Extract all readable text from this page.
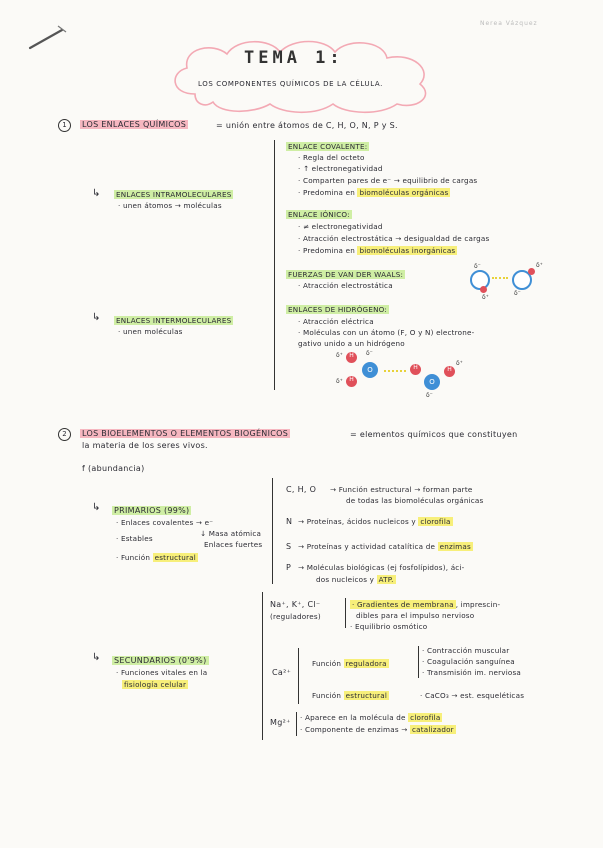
Nerea Vázquez
TEMA 1:
LOS COMPONENTES QUÍMICOS DE LA CÉLULA.
1	LOS ENLACES QUÍMICOS	= unión entre átomos de C, H, O, N, P y S.
↳ ENLACES INTRAMOLECULARES
· unen átomos → moléculas
ENLACE COVALENTE:
· Regla del octeto
· ↑ electronegatividad
· Comparten pares de e⁻ → equilibrio de cargas
· Predomina en biomoléculas orgánicas
ENLACE IÓNICO:
· ≠ electronegatividad
· Atracción electrostática → desigualdad de cargas
· Predomina en biomoléculas inorgánicas
↳ ENLACES INTERMOLECULARES
· unen moléculas
FUERZAS DE VAN DER WAALS:
· Atracción electrostática
ENLACES DE HIDRÓGENO:
· Atracción eléctrica
· Moléculas con un átomo (F, O y N) electrone-
gativo unido a un hidrógeno
δ⁻	δ⁺
δ⁻
δ⁺
δ⁺	H
δ⁺	H
O	H
O
H
δ⁺
δ⁻
δ⁻
2	LOS BIOELEMENTOS O ELEMENTOS BIOGÉNICOS	= elementos químicos que constituyen
la materia de los seres vivos.
f (abundancia)
↳ PRIMARIOS (99%)
· Enlaces covalentes → e⁻
· Estables
↓ Masa atómica
Enlaces fuertes
· Función estructural
C, H, O → Función estructural → forman parte
de todas las biomoléculas orgánicas
N → Proteínas, ácidos nucleicos y clorofila
S → Proteínas y actividad catalítica de enzimas
P → Moléculas biológicas (ej fosfolípidos), áci-
dos nucleicos y ATP.
↳ SECUNDARIOS (0'9%)
· Funciones vitales en la
fisiología celular
Na⁺, K⁺, Cl⁻
(reguladores)
· Gradientes de membrana , imprescin-
dibles para el impulso nervioso
· Equilibrio osmótico
Ca²⁺
Función reguladora
· Contracción muscular
· Coagulación sanguínea
· Transmisión im. nerviosa
Función estructural	· CaCO₃ → est. esqueléticas
Mg²⁺
· Aparece en la molécula de clorofila
· Componente de enzimas → catalizador
